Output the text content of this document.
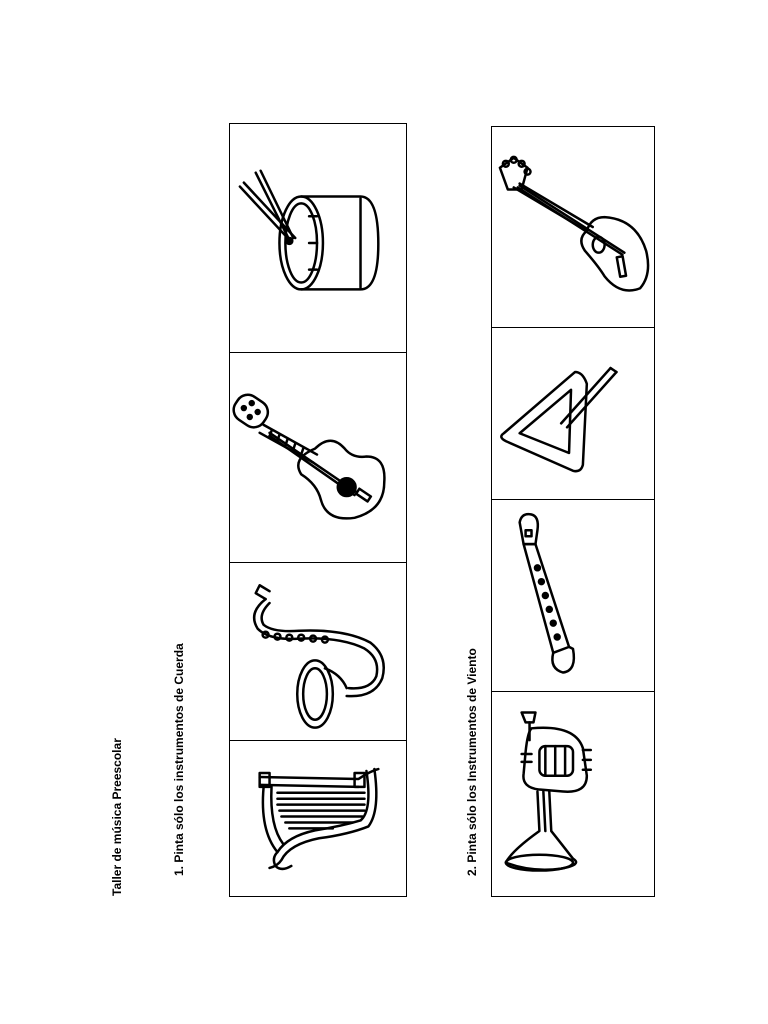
Taller de música Preescolar	1. Pinta sólo los instrumentos de Cuerda	2. Pinta sólo los Instrumentos de Viento
